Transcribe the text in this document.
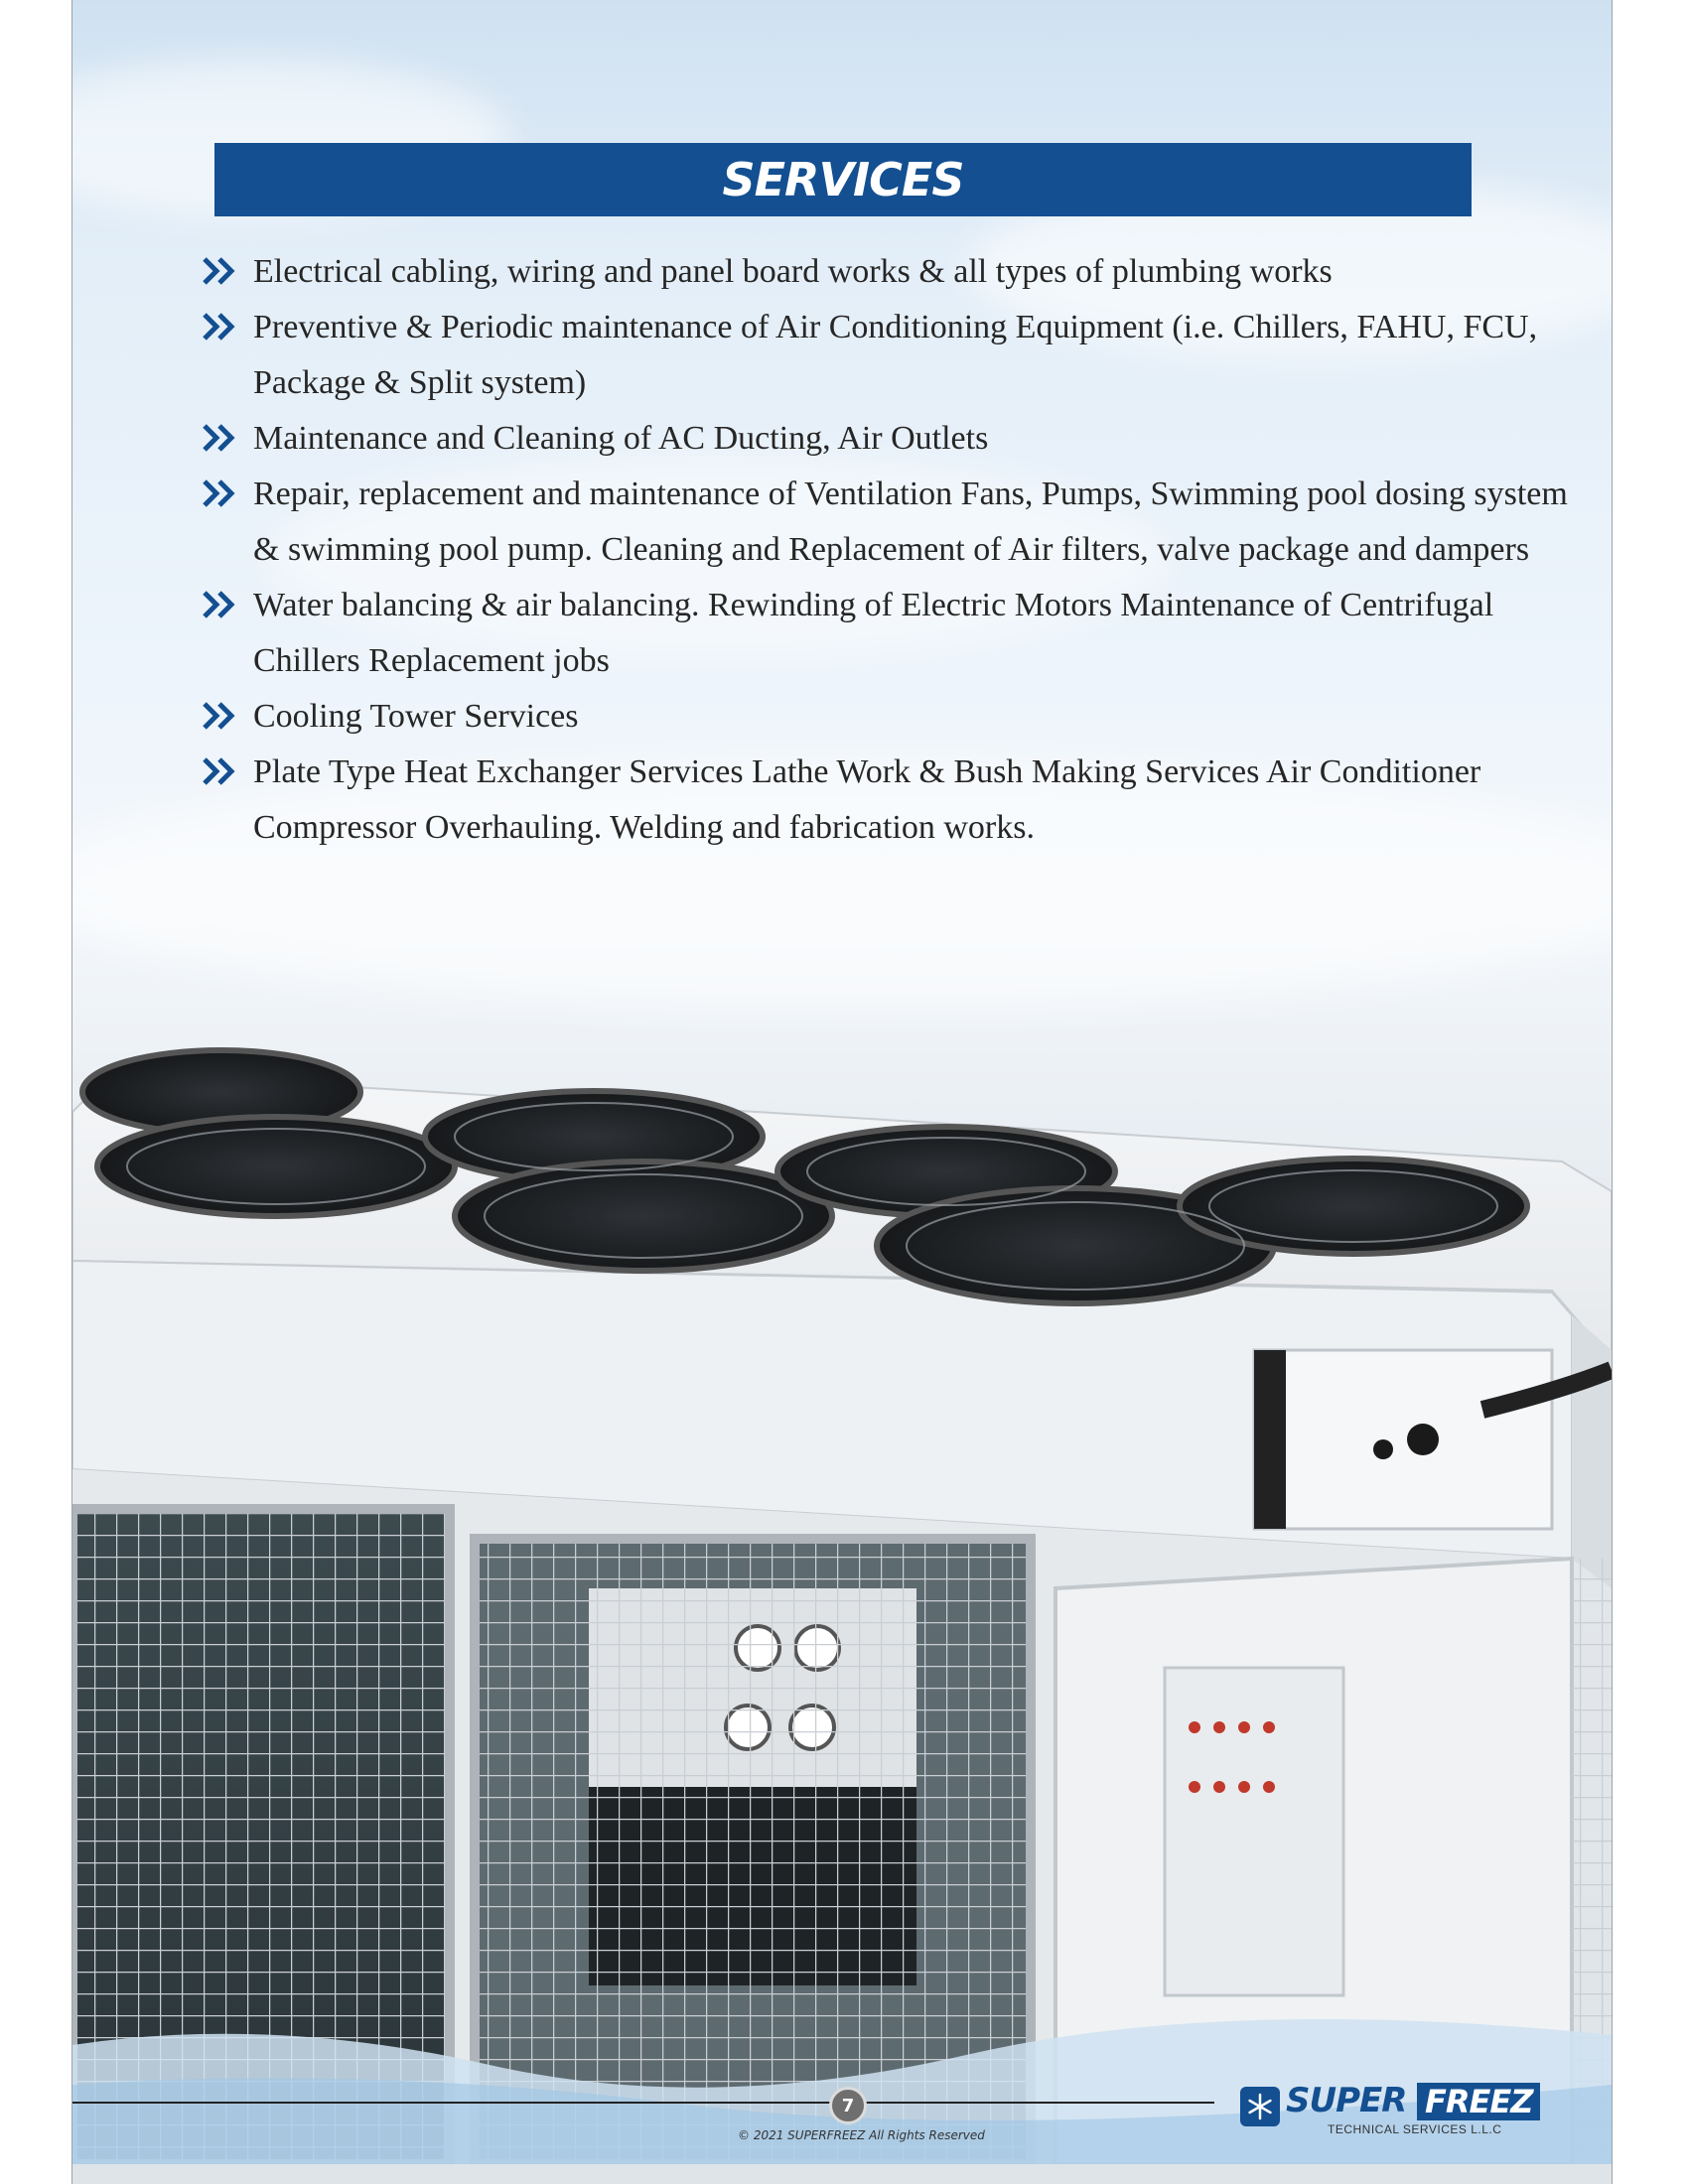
SERVICES
Electrical cabling, wiring and panel board works & all types of plumbing works
Preventive & Periodic maintenance of Air Conditioning Equipment (i.e. Chillers, FAHU, FCU, Package & Split system)
Maintenance and Cleaning of AC Ducting, Air Outlets
Repair, replacement and maintenance of Ventilation Fans, Pumps, Swimming pool dosing system & swimming pool pump. Cleaning and Replacement of Air filters, valve package and dampers
Water balancing & air balancing. Rewinding of Electric Motors Maintenance of Centrifugal Chillers Replacement jobs
Cooling Tower Services
Plate Type Heat Exchanger Services Lathe Work & Bush Making Services Air Conditioner Compressor Overhauling. Welding and fabrication works.
7
© 2021 SUPERFREEZ All Rights Reserved
SUPER FREEZ
TECHNICAL SERVICES L.L.C
